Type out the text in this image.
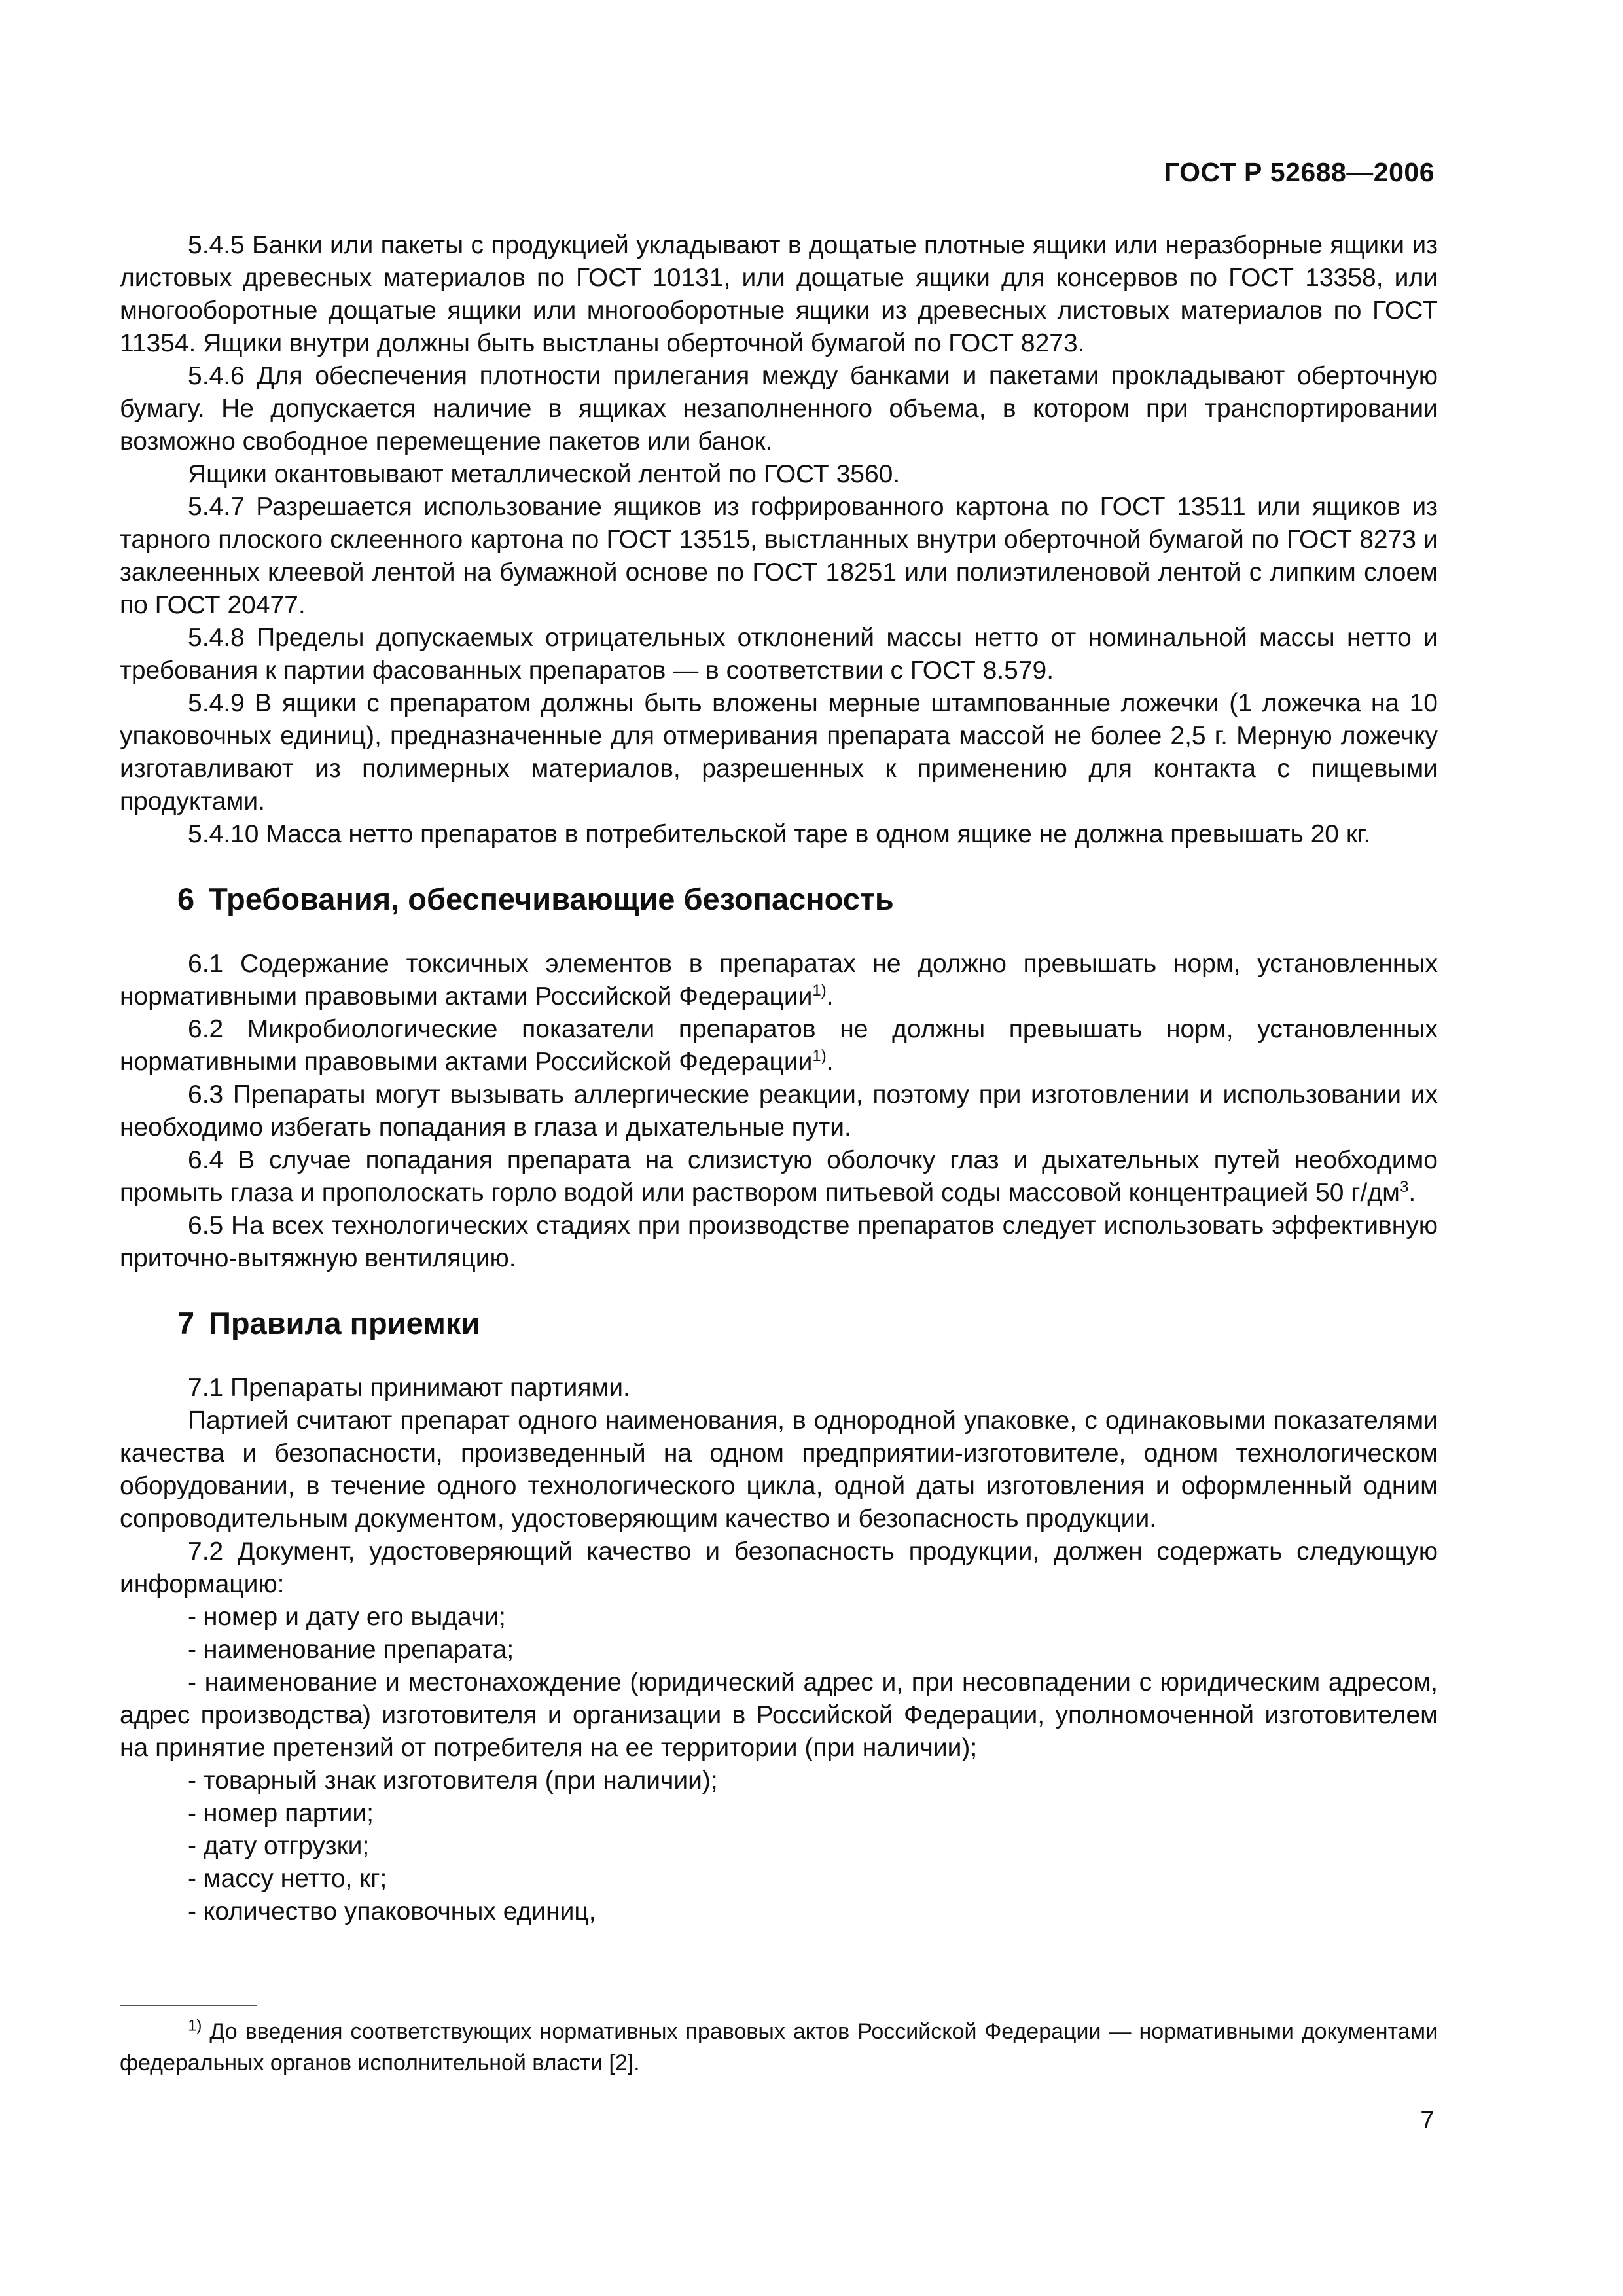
ГОСТ Р 52688—2006

5.4.5 Банки или пакеты с продукцией укладывают в дощатые плотные ящики или неразборные ящики из листовых древесных материалов по ГОСТ 10131, или дощатые ящики для консервов по ГОСТ 13358, или многооборотные дощатые ящики или многооборотные ящики из древесных листовых материалов по ГОСТ 11354. Ящики внутри должны быть выстланы оберточной бумагой по ГОСТ 8273.

5.4.6 Для обеспечения плотности прилегания между банками и пакетами прокладывают оберточную бумагу. Не допускается наличие в ящиках незаполненного объема, в котором при транспортировании возможно свободное перемещение пакетов или банок.

Ящики окантовывают металлической лентой по ГОСТ 3560.

5.4.7 Разрешается использование ящиков из гофрированного картона по ГОСТ 13511 или ящиков из тарного плоского склеенного картона по ГОСТ 13515, выстланных внутри оберточной бумагой по ГОСТ 8273 и заклеенных клеевой лентой на бумажной основе по ГОСТ 18251 или полиэтиленовой лентой с липким слоем по ГОСТ 20477.

5.4.8 Пределы допускаемых отрицательных отклонений массы нетто от номинальной массы нетто и требования к партии фасованных препаратов — в соответствии с ГОСТ 8.579.

5.4.9 В ящики с препаратом должны быть вложены мерные штампованные ложечки (1 ложечка на 10 упаковочных единиц), предназначенные для отмеривания препарата массой не более 2,5 г. Мерную ложечку изготавливают из полимерных материалов, разрешенных к применению для контакта с пищевыми продуктами.

5.4.10 Масса нетто препаратов в потребительской таре в одном ящике не должна превышать 20 кг.

6 Требования, обеспечивающие безопасность

6.1 Содержание токсичных элементов в препаратах не должно превышать норм, установленных нормативными правовыми актами Российской Федерации$^{1)}$.

6.2 Микробиологические показатели препаратов не должны превышать норм, установленных нормативными правовыми актами Российской Федерации$^{1)}$.

6.3 Препараты могут вызывать аллергические реакции, поэтому при изготовлении и использовании их необходимо избегать попадания в глаза и дыхательные пути.

6.4 В случае попадания препарата на слизистую оболочку глаз и дыхательных путей необходимо промыть глаза и прополоскать горло водой или раствором питьевой соды массовой концентрацией 50 $г/дм^3$.

6.5 На всех технологических стадиях при производстве препаратов следует использовать эффективную приточно-вытяжную вентиляцию.

7 Правила приемки

7.1 Препараты принимают партиями.

Партией считают препарат одного наименования, в однородной упаковке, с одинаковыми показателями качества и безопасности, произведенный на одном предприятии-изготовителе, одном технологическом оборудовании, в течение одного технологического цикла, одной даты изготовления и оформленный одним сопроводительным документом, удостоверяющим качество и безопасность продукции.

7.2 Документ, удостоверяющий качество и безопасность продукции, должен содержать следующую информацию:

- номер и дату его выдачи;

- наименование препарата;

- наименование и местонахождение (юридический адрес и, при несовпадении с юридическим адресом, адрес производства) изготовителя и организации в Российской Федерации, уполномоченной изготовителем на принятие претензий от потребителя на ее территории (при наличии);

- товарный знак изготовителя (при наличии);

- номер партии;

- дату отгрузки;

- массу нетто, кг;

- количество упаковочных единиц,

$^{1)}$ До введения соответствующих нормативных правовых актов Российской Федерации — нормативными документами федеральных органов исполнительной власти [2].
7
